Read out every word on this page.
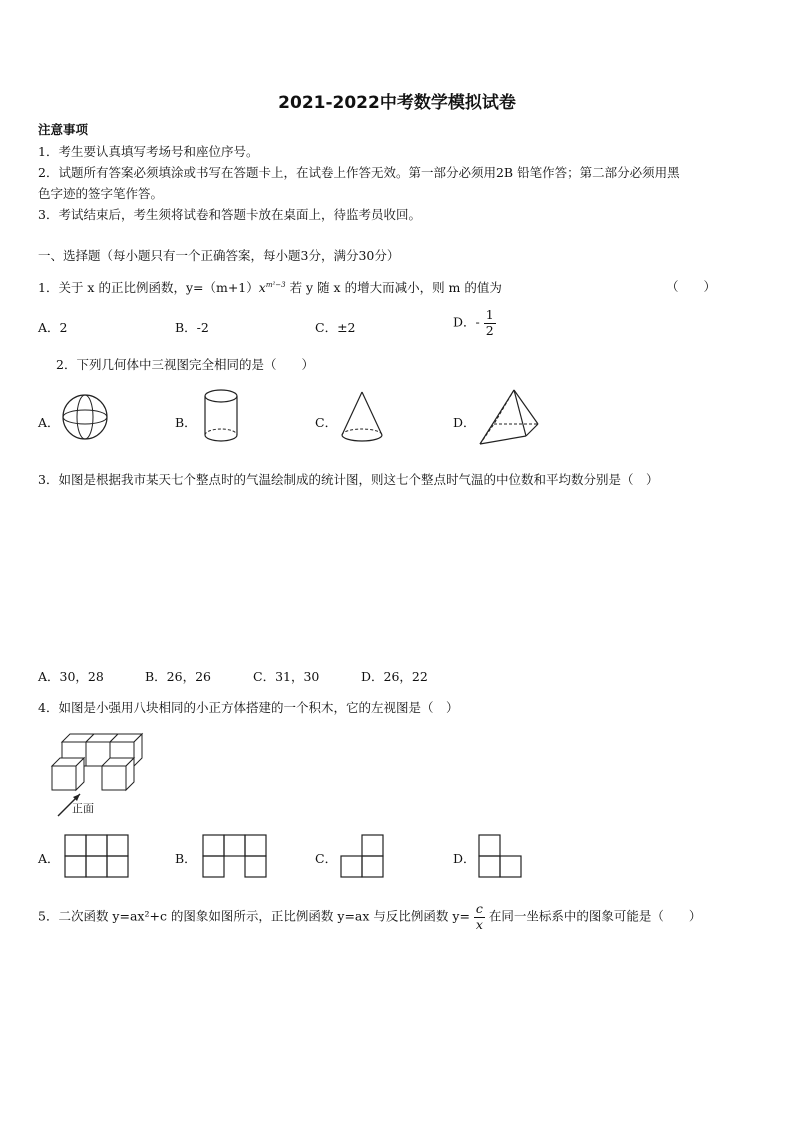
2021-2022中考数学模拟试卷
注意事项
1．考生要认真填写考场号和座位序号。
2．试题所有答案必须填涂或书写在答题卡上，在试卷上作答无效。第一部分必须用2B 铅笔作答；第二部分必须用黑
色字迹的签字笔作答。
3．考试结束后，考生须将试卷和答题卡放在桌面上，待监考员收回。
一、选择题（每小题只有一个正确答案，每小题3分，满分30分）
1．关于 x 的正比例函数，$y=(m+1)x^{m^2-3}$ 若 y 随 x 的增大而减小，则 m 的值为	（　　）
A．2	B．-2	C．±2	D．- $\frac{1}{2}$
2．下列几何体中三视图完全相同的是（　　）
A．	B．	C．	D．
3．如图是根据我市某天七个整点时的气温绘制成的统计图，则这七个整点时气温的中位数和平均数分别是（　）
A．30，28	B．26，26	C．31，30	D．26，22
4．如图是小强用八块相同的小正方体搭建的一个积木，它的左视图是（　）
正面
A．	B．	C．	D．
5．二次函数 y=ax²+c 的图象如图所示，正比例函数 y=ax 与反比例函数 $y= \frac{c}{x}$ 在同一坐标系中的图象可能是（　　）
